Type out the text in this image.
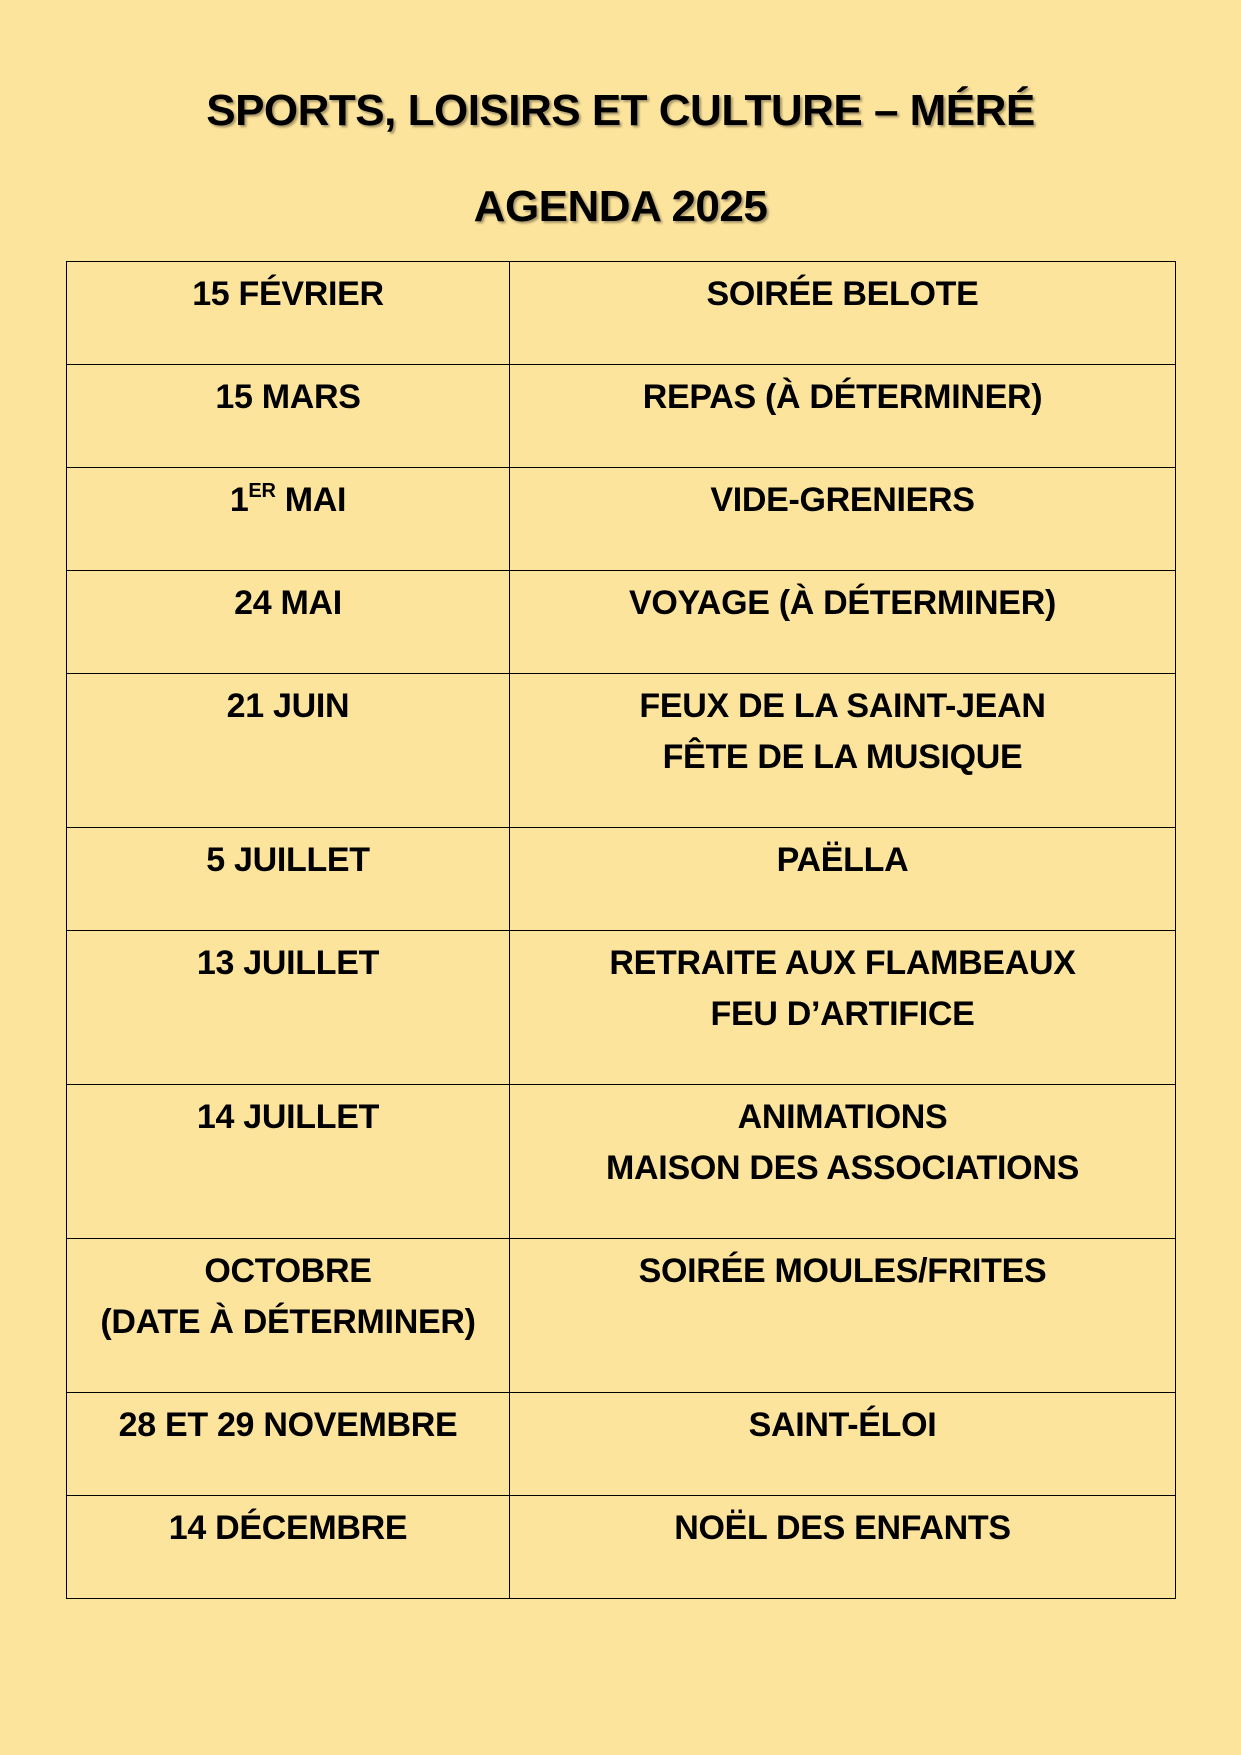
SPORTS, LOISIRS ET CULTURE – MÉRÉ
AGENDA 2025
15 FÉVRIER	SOIRÉE BELOTE

15 MARS	REPAS (À DÉTERMINER)

1ER MAI	VIDE-GRENIERS

24 MAI	VOYAGE (À DÉTERMINER)

21 JUIN	FEUX DE LA SAINT-JEAN
FÊTE DE LA MUSIQUE

5 JUILLET	PAËLLA

13 JUILLET	RETRAITE AUX FLAMBEAUX
FEU D’ARTIFICE

14 JUILLET	ANIMATIONS
MAISON DES ASSOCIATIONS

OCTOBRE
(DATE À DÉTERMINER)	SOIRÉE MOULES/FRITES

28 ET 29 NOVEMBRE	SAINT-ÉLOI

14 DÉCEMBRE	NOËL DES ENFANTS
